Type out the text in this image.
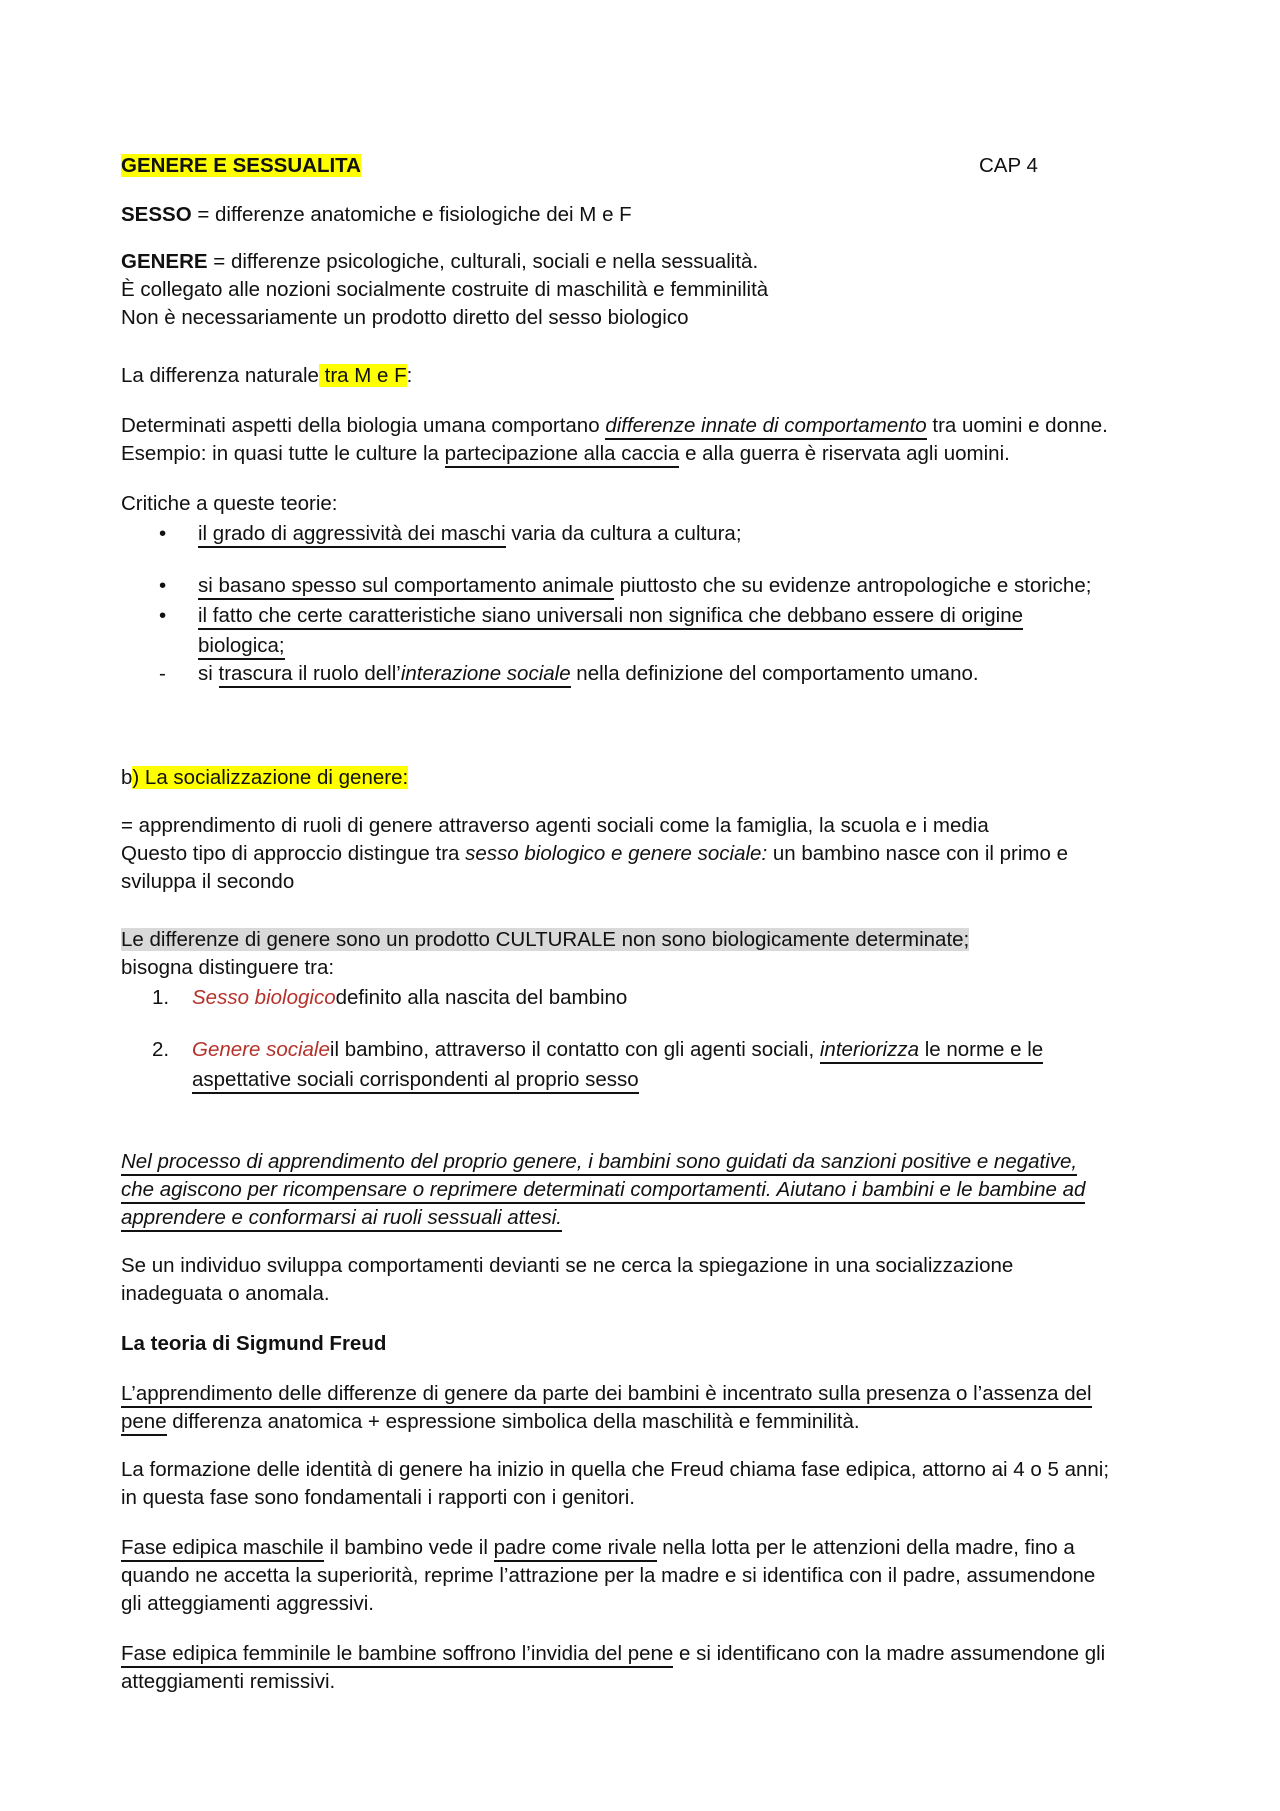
GENERE E SESSUALITA	CAP 4
SESSO = differenze anatomiche e fisiologiche dei M e F
GENERE = differenze psicologiche, culturali, sociali e nella sessualità.
È collegato alle nozioni socialmente costruite di maschilità e femminilità
Non è necessariamente un prodotto diretto del sesso biologico
La differenza naturale tra M e F:
Determinati aspetti della biologia umana comportano differenze innate di comportamento tra uomini e donne.
Esempio: in quasi tutte le culture la partecipazione alla caccia e alla guerra è riservata agli uomini.
Critiche a queste teorie:
• il grado di aggressività dei maschi varia da cultura a cultura;
• si basano spesso sul comportamento animale piuttosto che su evidenze antropologiche e storiche;
• il fatto che certe caratteristiche siano universali non significa che debbano essere di origine
biologica;
- si trascura il ruolo dell’interazione sociale nella definizione del comportamento umano.
b) La socializzazione di genere:
= apprendimento di ruoli di genere attraverso agenti sociali come la famiglia, la scuola e i media
Questo tipo di approccio distingue tra sesso biologico e genere sociale: un bambino nasce con il primo e
sviluppa il secondo
Le differenze di genere sono un prodotto CULTURALE non sono biologicamente determinate;
bisogna distinguere tra:
1. Sesso biologicodefinito alla nascita del bambino
2. Genere socialeil bambino, attraverso il contatto con gli agenti sociali, interiorizza le norme e le
aspettative sociali corrispondenti al proprio sesso
Nel processo di apprendimento del proprio genere, i bambini sono guidati da sanzioni positive e negative,
che agiscono per ricompensare o reprimere determinati comportamenti. Aiutano i bambini e le bambine ad
apprendere e conformarsi ai ruoli sessuali attesi.
Se un individuo sviluppa comportamenti devianti se ne cerca la spiegazione in una socializzazione
inadeguata o anomala.
La teoria di Sigmund Freud
L’apprendimento delle differenze di genere da parte dei bambini è incentrato sulla presenza o l’assenza del
pene differenza anatomica + espressione simbolica della maschilità e femminilità.
La formazione delle identità di genere ha inizio in quella che Freud chiama fase edipica, attorno ai 4 o 5 anni;
in questa fase sono fondamentali i rapporti con i genitori.
Fase edipica maschile il bambino vede il padre come rivale nella lotta per le attenzioni della madre, fino a
quando ne accetta la superiorità, reprime l’attrazione per la madre e si identifica con il padre, assumendone
gli atteggiamenti aggressivi.
Fase edipica femminile le bambine soffrono l’invidia del pene e si identificano con la madre assumendone gli
atteggiamenti remissivi.
